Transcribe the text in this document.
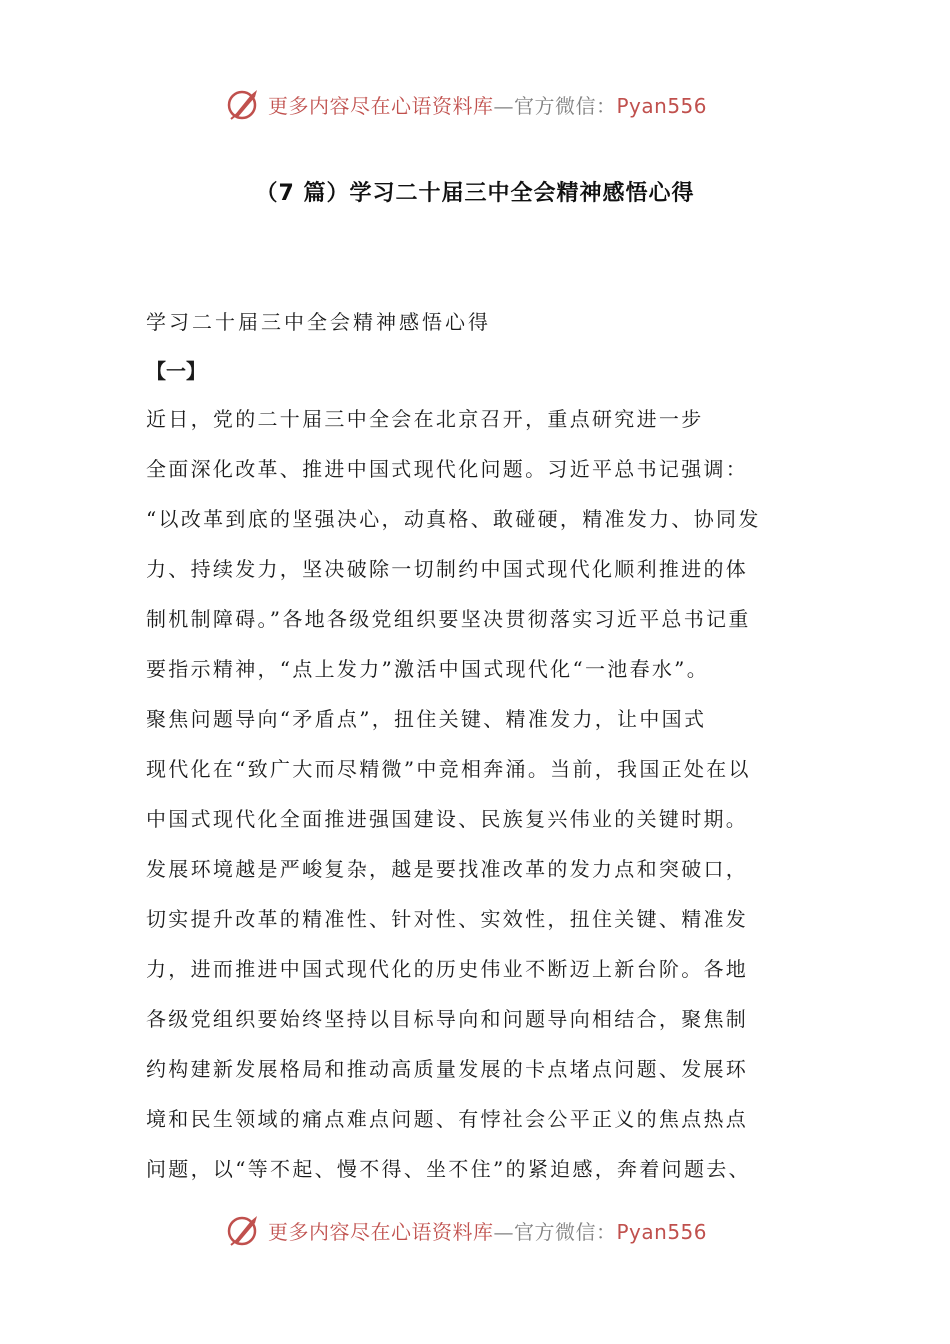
更多内容尽在心语资料库—官方微信：Pyan556
（7 篇）学习二十届三中全会精神感悟心得
学习二十届三中全会精神感悟心得
【一】
近日，党的二十届三中全会在北京召开，重点研究进一步
全面深化改革、推进中国式现代化问题。习近平总书记强调：
“以改革到底的坚强决心，动真格、敢碰硬，精准发力、协同发
力、持续发力，坚决破除一切制约中国式现代化顺利推进的体
制机制障碍。”各地各级党组织要坚决贯彻落实习近平总书记重
要指示精神，“点上发力”激活中国式现代化“一池春水”。
聚焦问题导向“矛盾点”，扭住关键、精准发力，让中国式
现代化在“致广大而尽精微”中竞相奔涌。当前，我国正处在以
中国式现代化全面推进强国建设、民族复兴伟业的关键时期。
发展环境越是严峻复杂，越是要找准改革的发力点和突破口，
切实提升改革的精准性、针对性、实效性，扭住关键、精准发
力，进而推进中国式现代化的历史伟业不断迈上新台阶。各地
各级党组织要始终坚持以目标导向和问题导向相结合，聚焦制
约构建新发展格局和推动高质量发展的卡点堵点问题、发展环
境和民生领域的痛点难点问题、有悖社会公平正义的焦点热点
问题，以“等不起、慢不得、坐不住”的紧迫感，奔着问题去、
更多内容尽在心语资料库—官方微信：Pyan556
